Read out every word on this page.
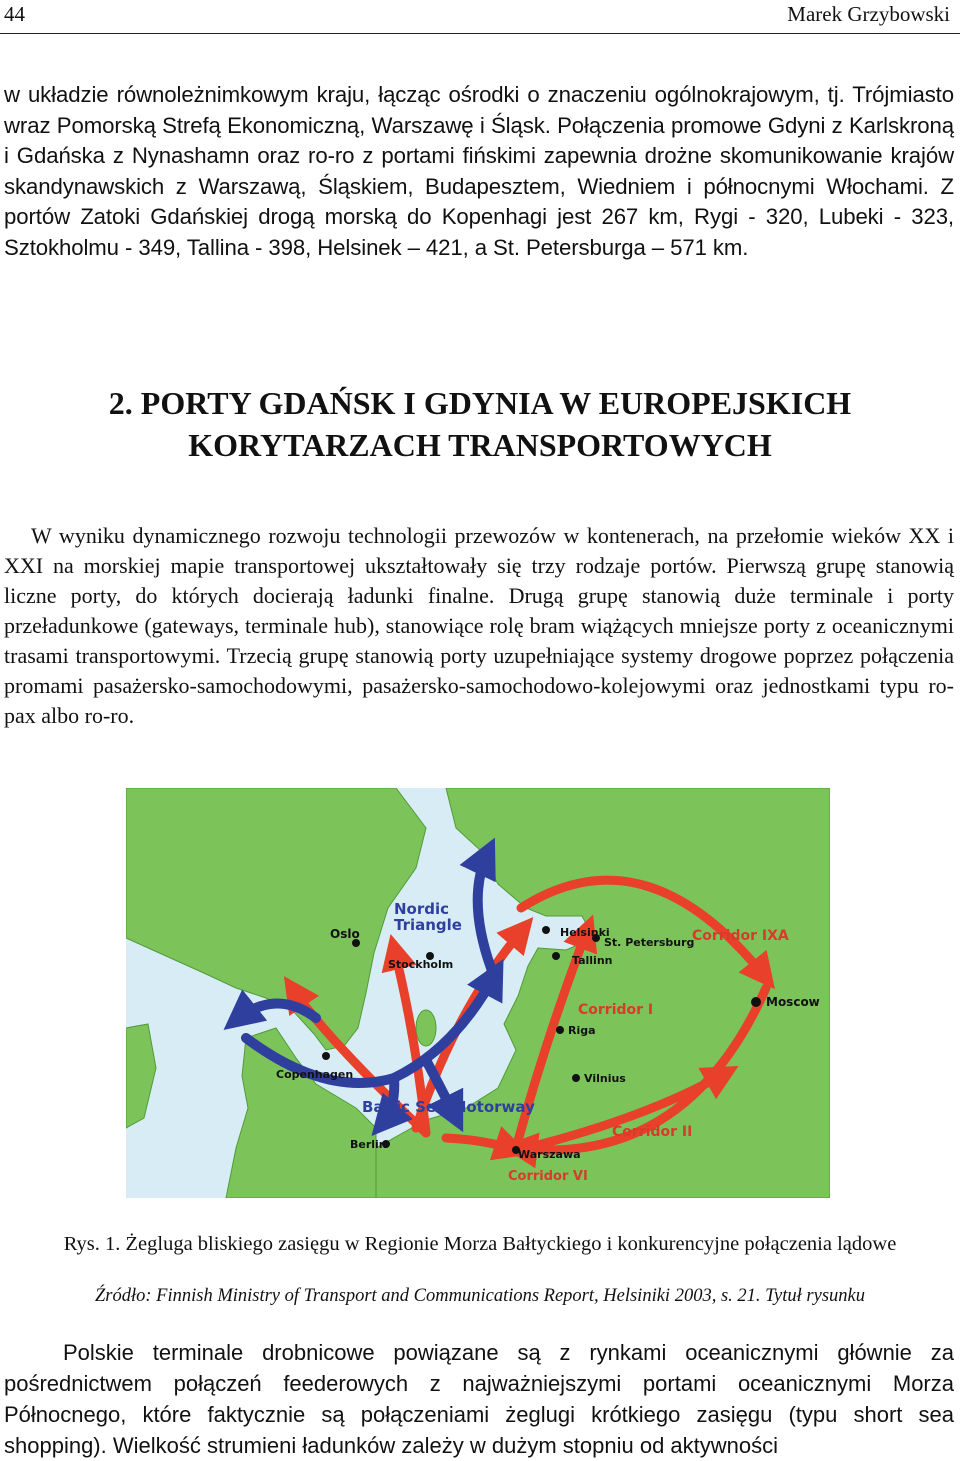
44	Marek Grzybowski

w układzie równoleżnimkowym kraju, łącząc ośrodki o znaczeniu ogólnokrajowym, tj. Trójmiasto wraz Pomorską Strefą Ekonomiczną, Warszawę i Śląsk. Połączenia promowe Gdyni z Karlskroną i Gdańska z Nynashamn oraz ro-ro z portami fińskimi zapewnia drożne skomunikowanie krajów skandynawskich z Warszawą, Śląskiem, Budapesztem, Wiedniem i północnymi Włochami. Z portów Zatoki Gdańskiej drogą morską do Kopenhagi jest 267 km, Rygi - 320, Lubeki - 323, Sztokholmu - 349, Tallina - 398, Helsinek – 421, a St. Petersburga – 571 km.

2. PORTY GDAŃSK I GDYNIA W EUROPEJSKICH
KORYTARZACH TRANSPORTOWYCH

W wyniku dynamicznego rozwoju technologii przewozów w kontenerach, na przełomie wieków XX i XXI na morskiej mapie transportowej ukształtowały się trzy rodzaje portów. Pierwszą grupę stanowią liczne porty, do których docierają ładunki finalne. Drugą grupę stanowią duże terminale i porty przeładunkowe (gateways, terminale hub), stanowiące rolę bram wiążących mniejsze porty z oceanicznymi trasami transportowymi. Trzecią grupę stanowią porty uzupełniające systemy drogowe poprzez połączenia promami pasażersko-samochodowymi, pasażersko-samochodowo-kolejowymi oraz jednostkami typu ro-pax albo ro-ro.

Nordic
Triangle
Oslo
Stockholm
Helsinki
Tallinn
St. Petersburg
Corridor IXA
Moscow
Corridor I
Copenhagen
Riga
Vilnius
Baltic Sea Motorway
Corridor II
Berlin
Warszawa
Corridor VI
Rys. 1. Żegluga bliskiego zasięgu w Regionie Morza Bałtyckiego i konkurencyjne połączenia lądowe
Źródło: Finnish Ministry of Transport and Communications Report, Helsiniki 2003, s. 21. Tytuł rysunku

Polskie terminale drobnicowe powiązane są z rynkami oceanicznymi głównie za pośrednictwem połączeń feederowych z najważniejszymi portami oceanicznymi Morza Północnego, które faktycznie są połączeniami żeglugi krótkiego zasięgu (typu short sea shopping). Wielkość strumieni ładunków zależy w dużym stopniu od aktywności
